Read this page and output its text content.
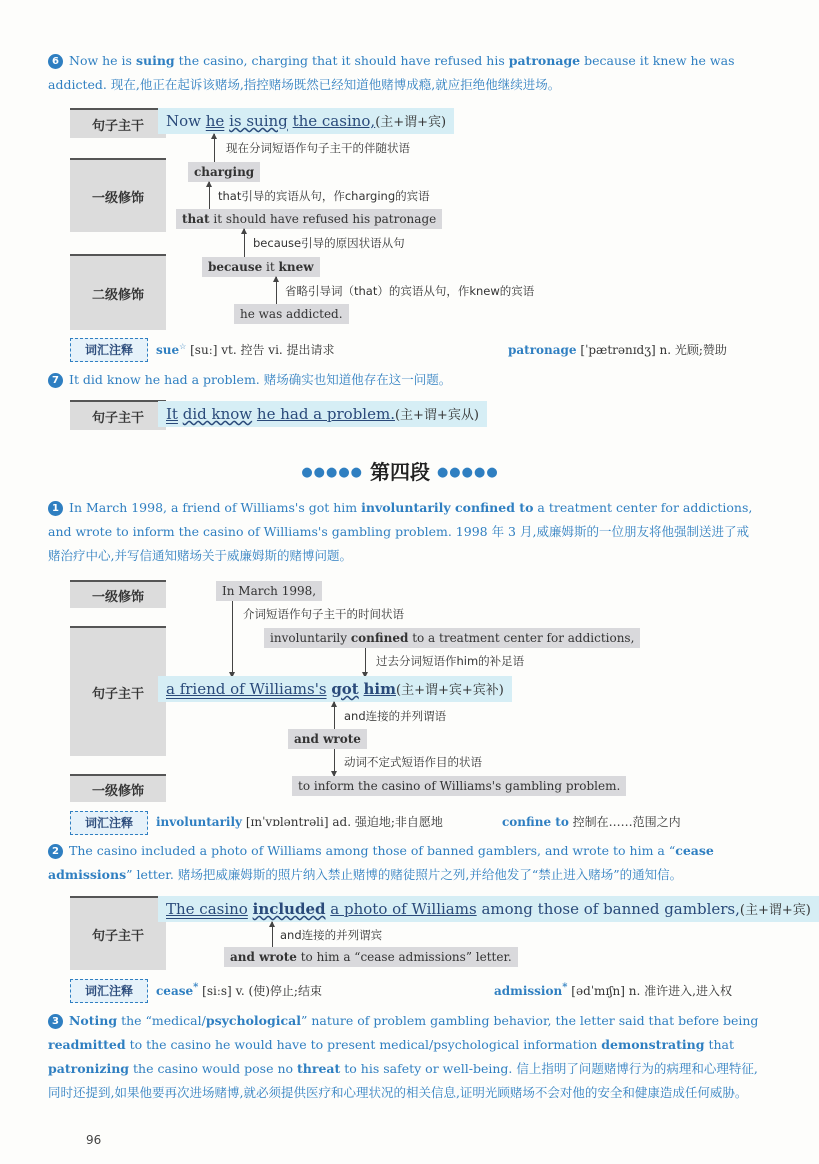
6 Now he is suing the casino, charging that it should have refused his patronage because it knew he was addicted. 现在,他正在起诉该赌场,指控赌场既然已经知道他赌博成瘾,就应拒绝他继续进场。
句子主干
一级修饰
二级修饰
Now he is suing the casino,(主+谓+宾)
现在分词短语作句子主干的伴随状语
charging
that引导的宾语从句，作charging的宾语
that it should have refused his patronage
because引导的原因状语从句
because it knew
省略引导词（that）的宾语从句，作knew的宾语
he was addicted.
词汇注释	sue☆ [suː] vt. 控告 vi. 提出请求	patronage [ˈpætrənɪdʒ] n. 光顾;赞助
7 It did know he had a problem. 赌场确实也知道他存在这一问题。
句子主干	It did know he had a problem.(主+谓+宾从)
●●●●● 第四段 ●●●●●
1 In March 1998, a friend of Williams's got him involuntarily confined to a treatment center for addictions, and wrote to inform the casino of Williams's gambling problem. 1998 年 3 月,威廉姆斯的一位朋友将他强制送进了戒赌治疗中心,并写信通知赌场关于威廉姆斯的赌博问题。
一级修饰
句子主干
一级修饰
In March 1998,
介词短语作句子主干的时间状语
involuntarily confined to a treatment center for addictions,
过去分词短语作him的补足语
a friend of Williams's got him(主+谓+宾+宾补)
and连接的并列谓语
and wrote
动词不定式短语作目的状语
to inform the casino of Williams's gambling problem.
词汇注释	involuntarily [ɪnˈvɒləntrəli] ad. 强迫地;非自愿地	confine to 控制在……范围之内
2 The casino included a photo of Williams among those of banned gamblers, and wrote to him a “cease admissions” letter. 赌场把威廉姆斯的照片纳入禁止赌博的赌徒照片之列,并给他发了“禁止进入赌场”的通知信。
句子主干
The casino included a photo of Williams among those of banned gamblers,(主+谓+宾)
and连接的并列谓宾
and wrote to him a “cease admissions” letter.
词汇注释	cease* [siːs] v. (使)停止;结束	admission* [ədˈmɪʃn] n. 准许进入,进入权
3 Noting the “medical/psychological” nature of problem gambling behavior, the letter said that before being readmitted to the casino he would have to present medical/psychological information demonstrating that patronizing the casino would pose no threat to his safety or well-being. 信上指明了问题赌博行为的病理和心理特征,同时还提到,如果他要再次进场赌博,就必须提供医疗和心理状况的相关信息,证明光顾赌场不会对他的安全和健康造成任何威胁。
96
